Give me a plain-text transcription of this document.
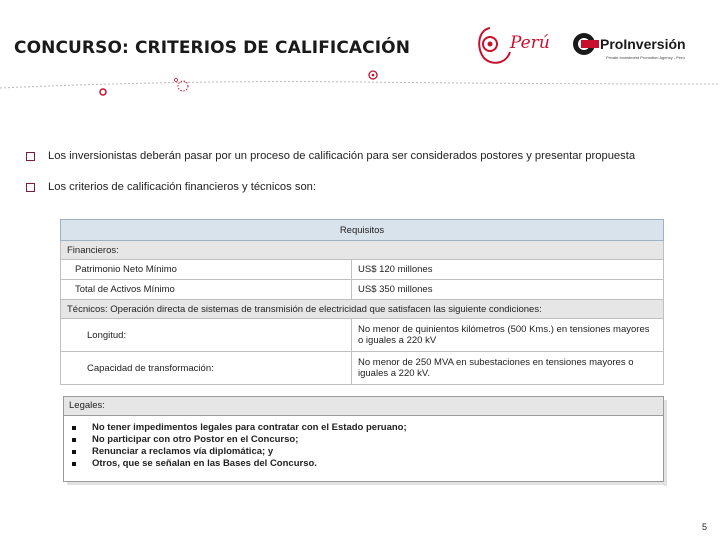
CONCURSO: CRITERIOS DE CALIFICACIÓN	Perú	ProInversión
Private Investment Promotion Agency - Perú
Los inversionistas deberán pasar por un proceso de calificación para ser considerados postores y presentar propuesta
Los criterios de calificación financieros y técnicos son:
Requisitos	
Financieros:	
Patrimonio Neto Mínimo	US$ 120 millones
Total de Activos Mínimo	US$ 350 millones
Técnicos: Operación directa de sistemas de transmisión de electricidad que satisfacen las siguiente condiciones:	
Longitud:	No menor de quinientos kilómetros (500 Kms.) en tensiones mayores o iguales a 220 kV
Capacidad de transformación:	No menor de 250 MVA en subestaciones en tensiones mayores o iguales a 220 kV.
Legales:
No tener impedimentos legales para contratar con el Estado peruano;
No participar con otro Postor en el Concurso;
Renunciar a reclamos vía diplomática; y
Otros, que se señalan en las Bases del Concurso.
5
